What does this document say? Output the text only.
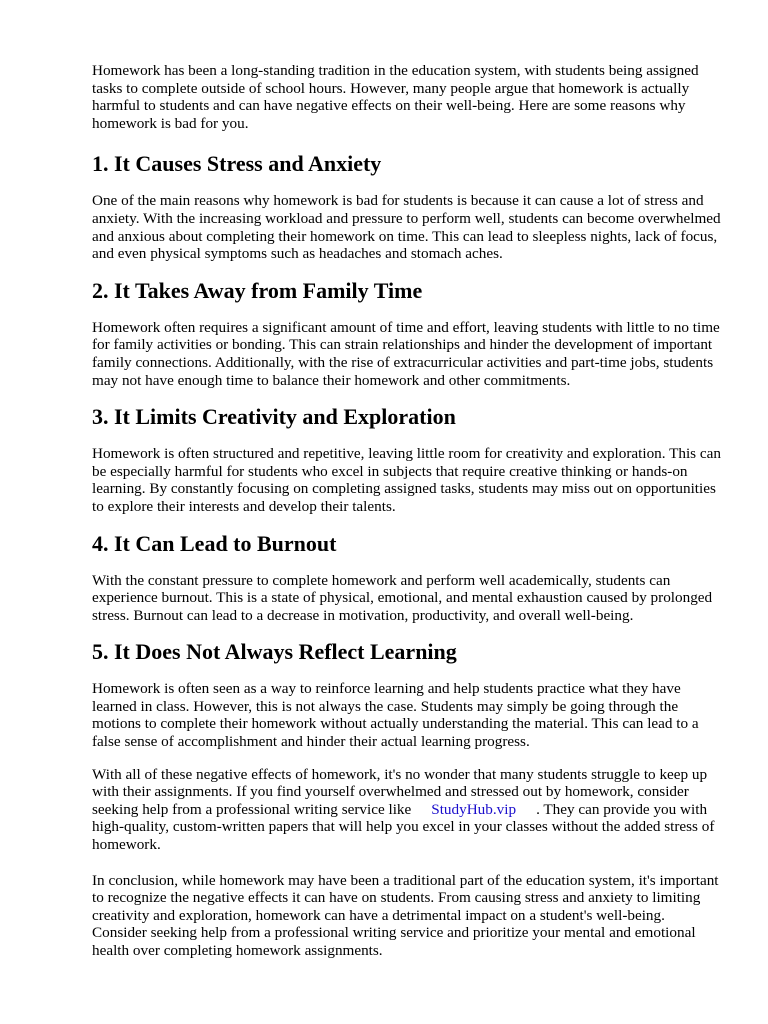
Homework has been a long-standing tradition in the education system, with students being assigned tasks to complete outside of school hours. However, many people argue that homework is actually harmful to students and can have negative effects on their well-being. Here are some reasons why homework is bad for you.

1. It Causes Stress and Anxiety

One of the main reasons why homework is bad for students is because it can cause a lot of stress and anxiety. With the increasing workload and pressure to perform well, students can become overwhelmed and anxious about completing their homework on time. This can lead to sleepless nights, lack of focus, and even physical symptoms such as headaches and stomach aches.

2. It Takes Away from Family Time

Homework often requires a significant amount of time and effort, leaving students with little to no time for family activities or bonding. This can strain relationships and hinder the development of important family connections. Additionally, with the rise of extracurricular activities and part-time jobs, students may not have enough time to balance their homework and other commitments.

3. It Limits Creativity and Exploration

Homework is often structured and repetitive, leaving little room for creativity and exploration. This can be especially harmful for students who excel in subjects that require creative thinking or hands-on learning. By constantly focusing on completing assigned tasks, students may miss out on opportunities to explore their interests and develop their talents.

4. It Can Lead to Burnout

With the constant pressure to complete homework and perform well academically, students can experience burnout. This is a state of physical, emotional, and mental exhaustion caused by prolonged stress. Burnout can lead to a decrease in motivation, productivity, and overall well-being.

5. It Does Not Always Reflect Learning

Homework is often seen as a way to reinforce learning and help students practice what they have learned in class. However, this is not always the case. Students may simply be going through the motions to complete their homework without actually understanding the material. This can lead to a false sense of accomplishment and hinder their actual learning progress.

With all of these negative effects of homework, it's no wonder that many students struggle to keep up with their assignments. If you find yourself overwhelmed and stressed out by homework, consider seeking help from a professional writing service like StudyHub.vip . They can provide you with high-quality, custom-written papers that will help you excel in your classes without the added stress of homework.

In conclusion, while homework may have been a traditional part of the education system, it's important to recognize the negative effects it can have on students. From causing stress and anxiety to limiting creativity and exploration, homework can have a detrimental impact on a student's well-being. Consider seeking help from a professional writing service and prioritize your mental and emotional health over completing homework assignments.
